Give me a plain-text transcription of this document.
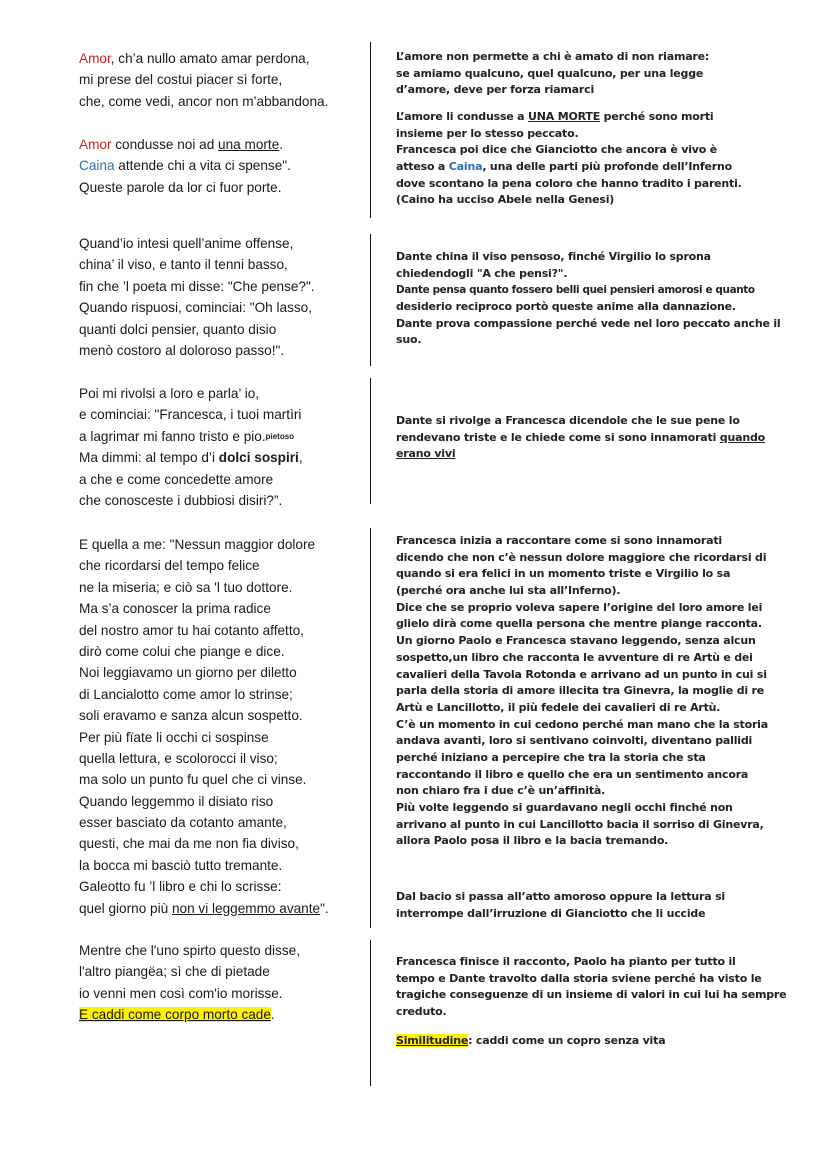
Amor, ch’a nullo amato amar perdona,
mi prese del costui piacer sì forte,
che, come vedi, ancor non m’abbandona.
Amor condusse noi ad una morte.
Caina attende chi a vita ci spense".
Queste parole da lor ci fuor porte.
Quand’io intesi quell’anime offense,
china’ il viso, e tanto il tenni basso,
fin che ’l poeta mi disse: "Che pense?".
Quando rispuosi, cominciai: "Oh lasso,
quanti dolci pensier, quanto disio
menò costoro al doloroso passo!".
Poi mi rivolsi a loro e parla’ io,
e cominciai: "Francesca, i tuoi martìri
a lagrimar mi fanno tristo e pio.pietoso
Ma dimmi: al tempo d’i dolci sospiri,
a che e come concedette amore
che conosceste i dubbiosi disiri?”.
E quella a me: "Nessun maggior dolore
che ricordarsi del tempo felice
ne la miseria; e ciò sa 'l tuo dottore.
Ma s’a conoscer la prima radice
del nostro amor tu hai cotanto affetto,
dirò come colui che piange e dice.
Noi leggiavamo un giorno per diletto
di Lancialotto come amor lo strinse;
soli eravamo e sanza alcun sospetto.
Per più fïate li occhi ci sospinse
quella lettura, e scolorocci il viso;
ma solo un punto fu quel che ci vinse.
Quando leggemmo il disiato riso
esser basciato da cotanto amante,
questi, che mai da me non fia diviso,
la bocca mi basciò tutto tremante.
Galeotto fu ’l libro e chi lo scrisse:
quel giorno più non vi leggemmo avante".
Mentre che l'uno spirto questo disse,
l'altro piangëa; sì che di pietade
io venni men così com'io morisse.
E caddi come corpo morto cade.
L’amore non permette a chi è amato di non riamare:
se amiamo qualcuno, quel qualcuno, per una legge
d’amore, deve per forza riamarci
L’amore li condusse a UNA MORTE perché sono morti
insieme per lo stesso peccato.
Francesca poi dice che Gianciotto che ancora è vivo è
atteso a Caina, una delle parti più profonde dell’Inferno
dove scontano la pena coloro che hanno tradito i parenti.
(Caino ha ucciso Abele nella Genesi)
Dante china il viso pensoso, finché Virgilio lo sprona
chiedendogli "A che pensi?".
Dante pensa quanto fossero belli quei pensieri amorosi e quanto
desiderio reciproco portò queste anime alla dannazione.
Dante prova compassione perché vede nel loro peccato anche il
suo.
Dante si rivolge a Francesca dicendole che le sue pene lo
rendevano triste e le chiede come si sono innamorati quando
erano vivi
Francesca inizia a raccontare come si sono innamorati
dicendo che non c’è nessun dolore maggiore che ricordarsi di
quando si era felici in un momento triste e Virgilio lo sa
(perché ora anche lui sta all’Inferno).
Dice che se proprio voleva sapere l’origine del loro amore lei
glielo dirà come quella persona che mentre piange racconta.
Un giorno Paolo e Francesca stavano leggendo, senza alcun
sospetto,un libro che racconta le avventure di re Artù e dei
cavalieri della Tavola Rotonda e arrivano ad un punto in cui si
parla della storia di amore illecita tra Ginevra, la moglie di re
Artù e Lancillotto, il più fedele dei cavalieri di re Artù.
C’è un momento in cui cedono perché man mano che la storia
andava avanti, loro si sentivano coinvolti, diventano pallidi
perché iniziano a percepire che tra la storia che sta
raccontando il libro e quello che era un sentimento ancora
non chiaro fra i due c’è un’affinità.
Più volte leggendo si guardavano negli occhi finché non
arrivano al punto in cui Lancillotto bacia il sorriso di Ginevra,
allora Paolo posa il libro e la bacia tremando.
Dal bacio si passa all’atto amoroso oppure la lettura si
interrompe dall’irruzione di Gianciotto che li uccide
Francesca finisce il racconto, Paolo ha pianto per tutto il
tempo e Dante travolto dalla storia sviene perché ha visto le
tragiche conseguenze di un insieme di valori in cui lui ha sempre
creduto.
Similitudine: caddi come un copro senza vita
